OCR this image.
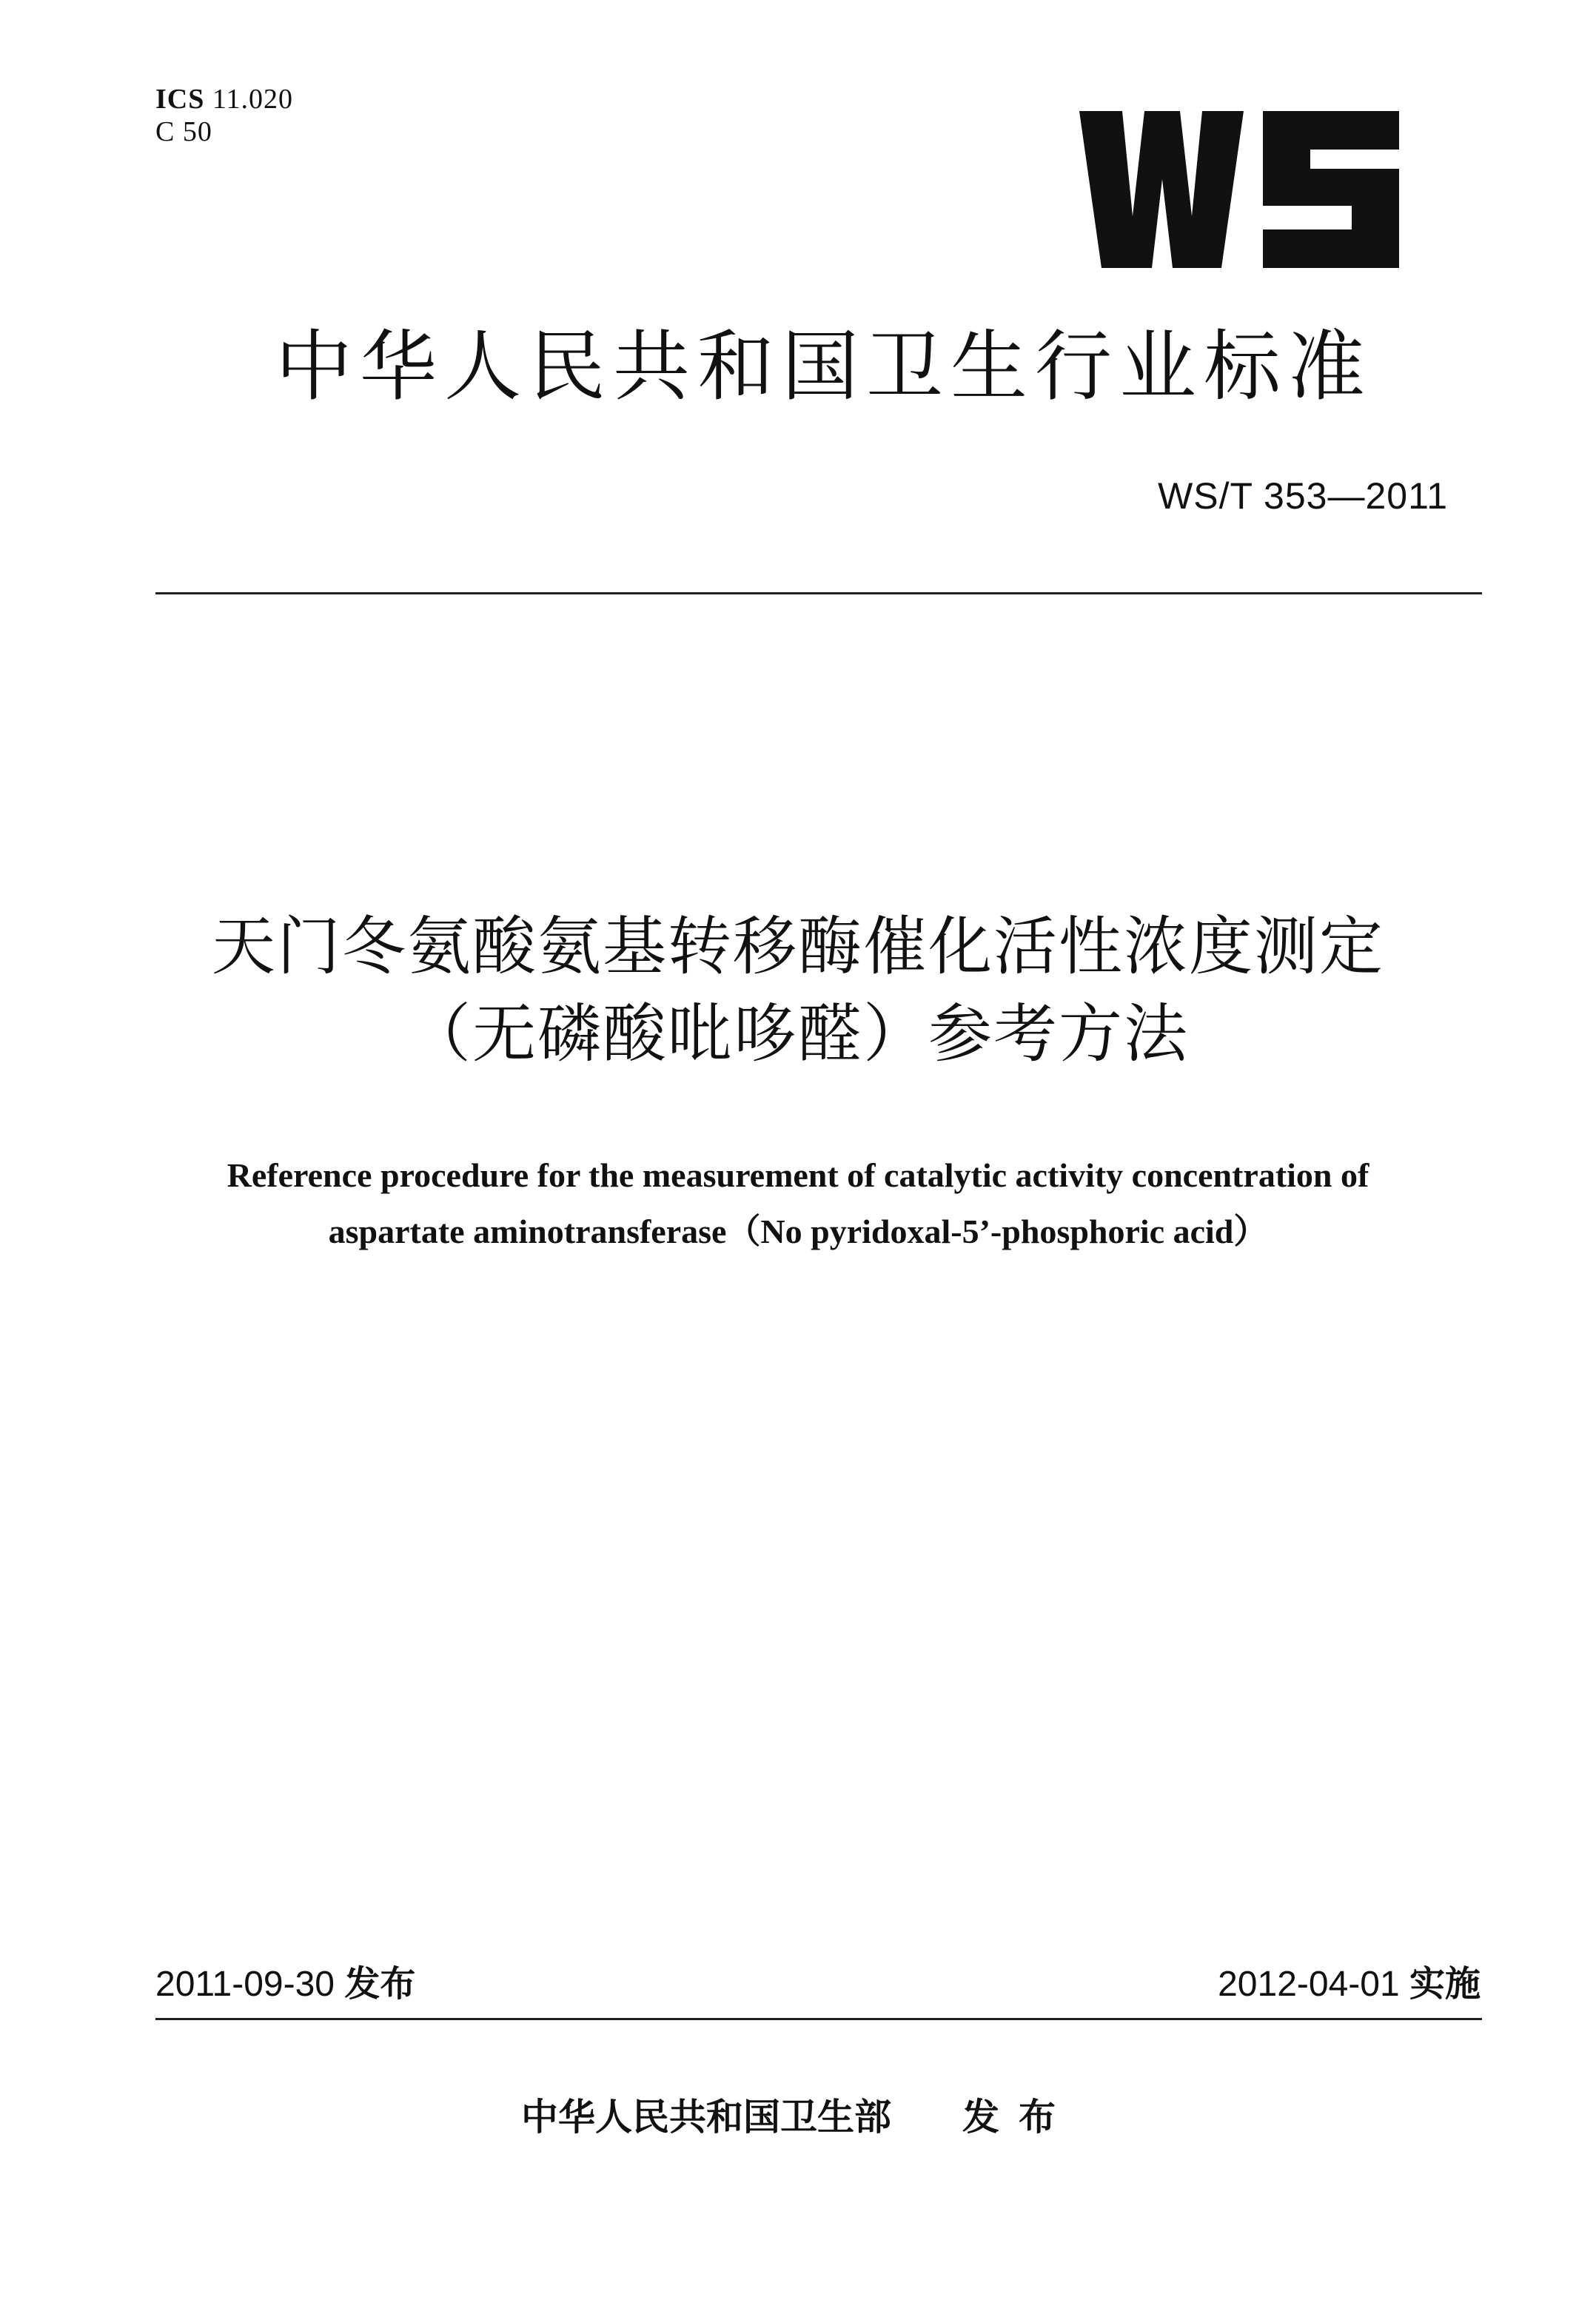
ICS 11.020
C 50
中华人民共和国卫生行业标准
WS/T 353—2011
天门冬氨酸氨基转移酶催化活性浓度测定
（无磷酸吡哆醛）参考方法
Reference procedure for the measurement of catalytic activity concentration of
aspartate aminotransferase（No pyridoxal-5’-phosphoric acid）
2011-09-30 发布	2012-04-01 实施
中华人民共和国卫生部 发布
